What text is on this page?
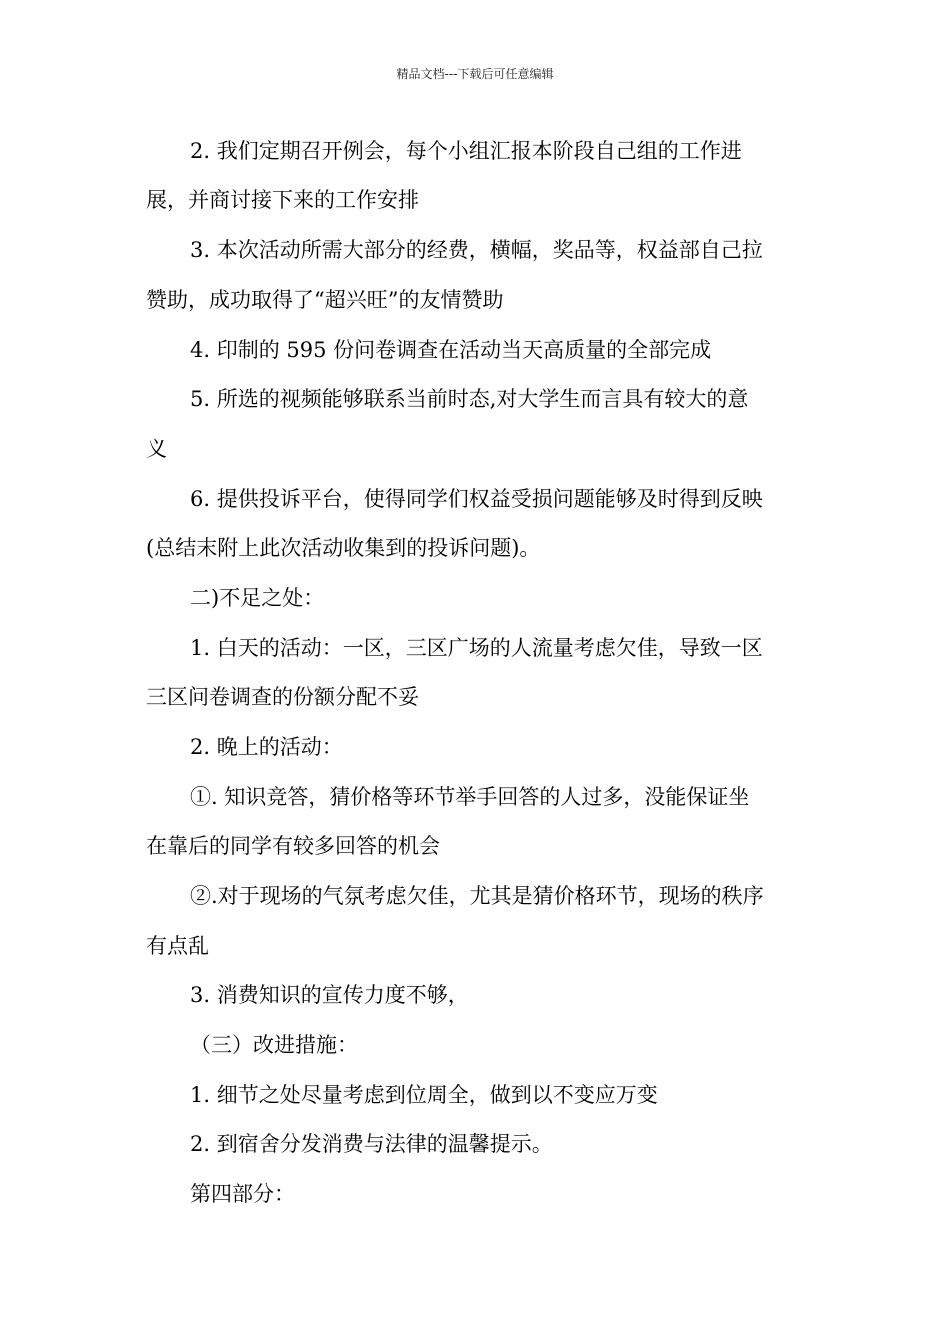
精品文档---下载后可任意编辑
2. 我们定期召开例会，每个小组汇报本阶段自己组的工作进
展，并商讨接下来的工作安排
3. 本次活动所需大部分的经费，横幅，奖品等，权益部自己拉
赞助，成功取得了“超兴旺”的友情赞助
4. 印制的 595 份问卷调查在活动当天高质量的全部完成
5. 所选的视频能够联系当前时态,对大学生而言具有较大的意
义
6. 提供投诉平台，使得同学们权益受损问题能够及时得到反映
(总结末附上此次活动收集到的投诉问题)。
二)不足之处：
1. 白天的活动：一区，三区广场的人流量考虑欠佳，导致一区
三区问卷调查的份额分配不妥
2. 晚上的活动：
①. 知识竞答，猜价格等环节举手回答的人过多，没能保证坐
在靠后的同学有较多回答的机会
②.对于现场的气氛考虑欠佳，尤其是猜价格环节，现场的秩序
有点乱
3. 消费知识的宣传力度不够，
（三）改进措施：
1. 细节之处尽量考虑到位周全，做到以不变应万变
2. 到宿舍分发消费与法律的温馨提示。
第四部分：
